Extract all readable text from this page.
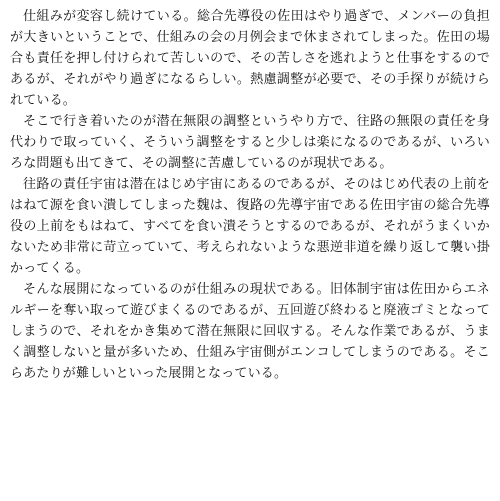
仕組みが変容し続けている。総合先導役の佐田はやり過ぎで、メンバーの負担が大きいということで、仕組みの会の月例会まで休まされてしまった。佐田の場合も責任を押し付けられて苦しいので、その苦しさを逃れようと仕事をするのであるが、それがやり過ぎになるらしい。熱慮調整が必要で、その手探りが続けられている。

そこで行き着いたのが潜在無限の調整というやり方で、往路の無限の責任を身代わりで取っていく、そういう調整をすると少しは楽になるのであるが、いろいろな問題も出てきて、その調整に苦慮しているのが現状である。

往路の責任宇宙は潜在はじめ宇宙にあるのであるが、そのはじめ代表の上前をはねて源を食い潰してしまった魏は、復路の先導宇宙である佐田宇宙の総合先導役の上前をもはねて、すべてを食い潰そうとするのであるが、それがうまくいかないため非常に苛立っていて、考えられないような悪逆非道を繰り返して襲い掛かってくる。

そんな展開になっているのが仕組みの現状である。旧体制宇宙は佐田からエネルギーを奪い取って遊びまくるのであるが、五回遊び終わると廃液ゴミとなってしまうので、それをかき集めて潜在無限に回収する。そんな作業であるが、うまく調整しないと量が多いため、仕組み宇宙側がエンコしてしまうのである。そこらあたりが難しいといった展開となっている。
